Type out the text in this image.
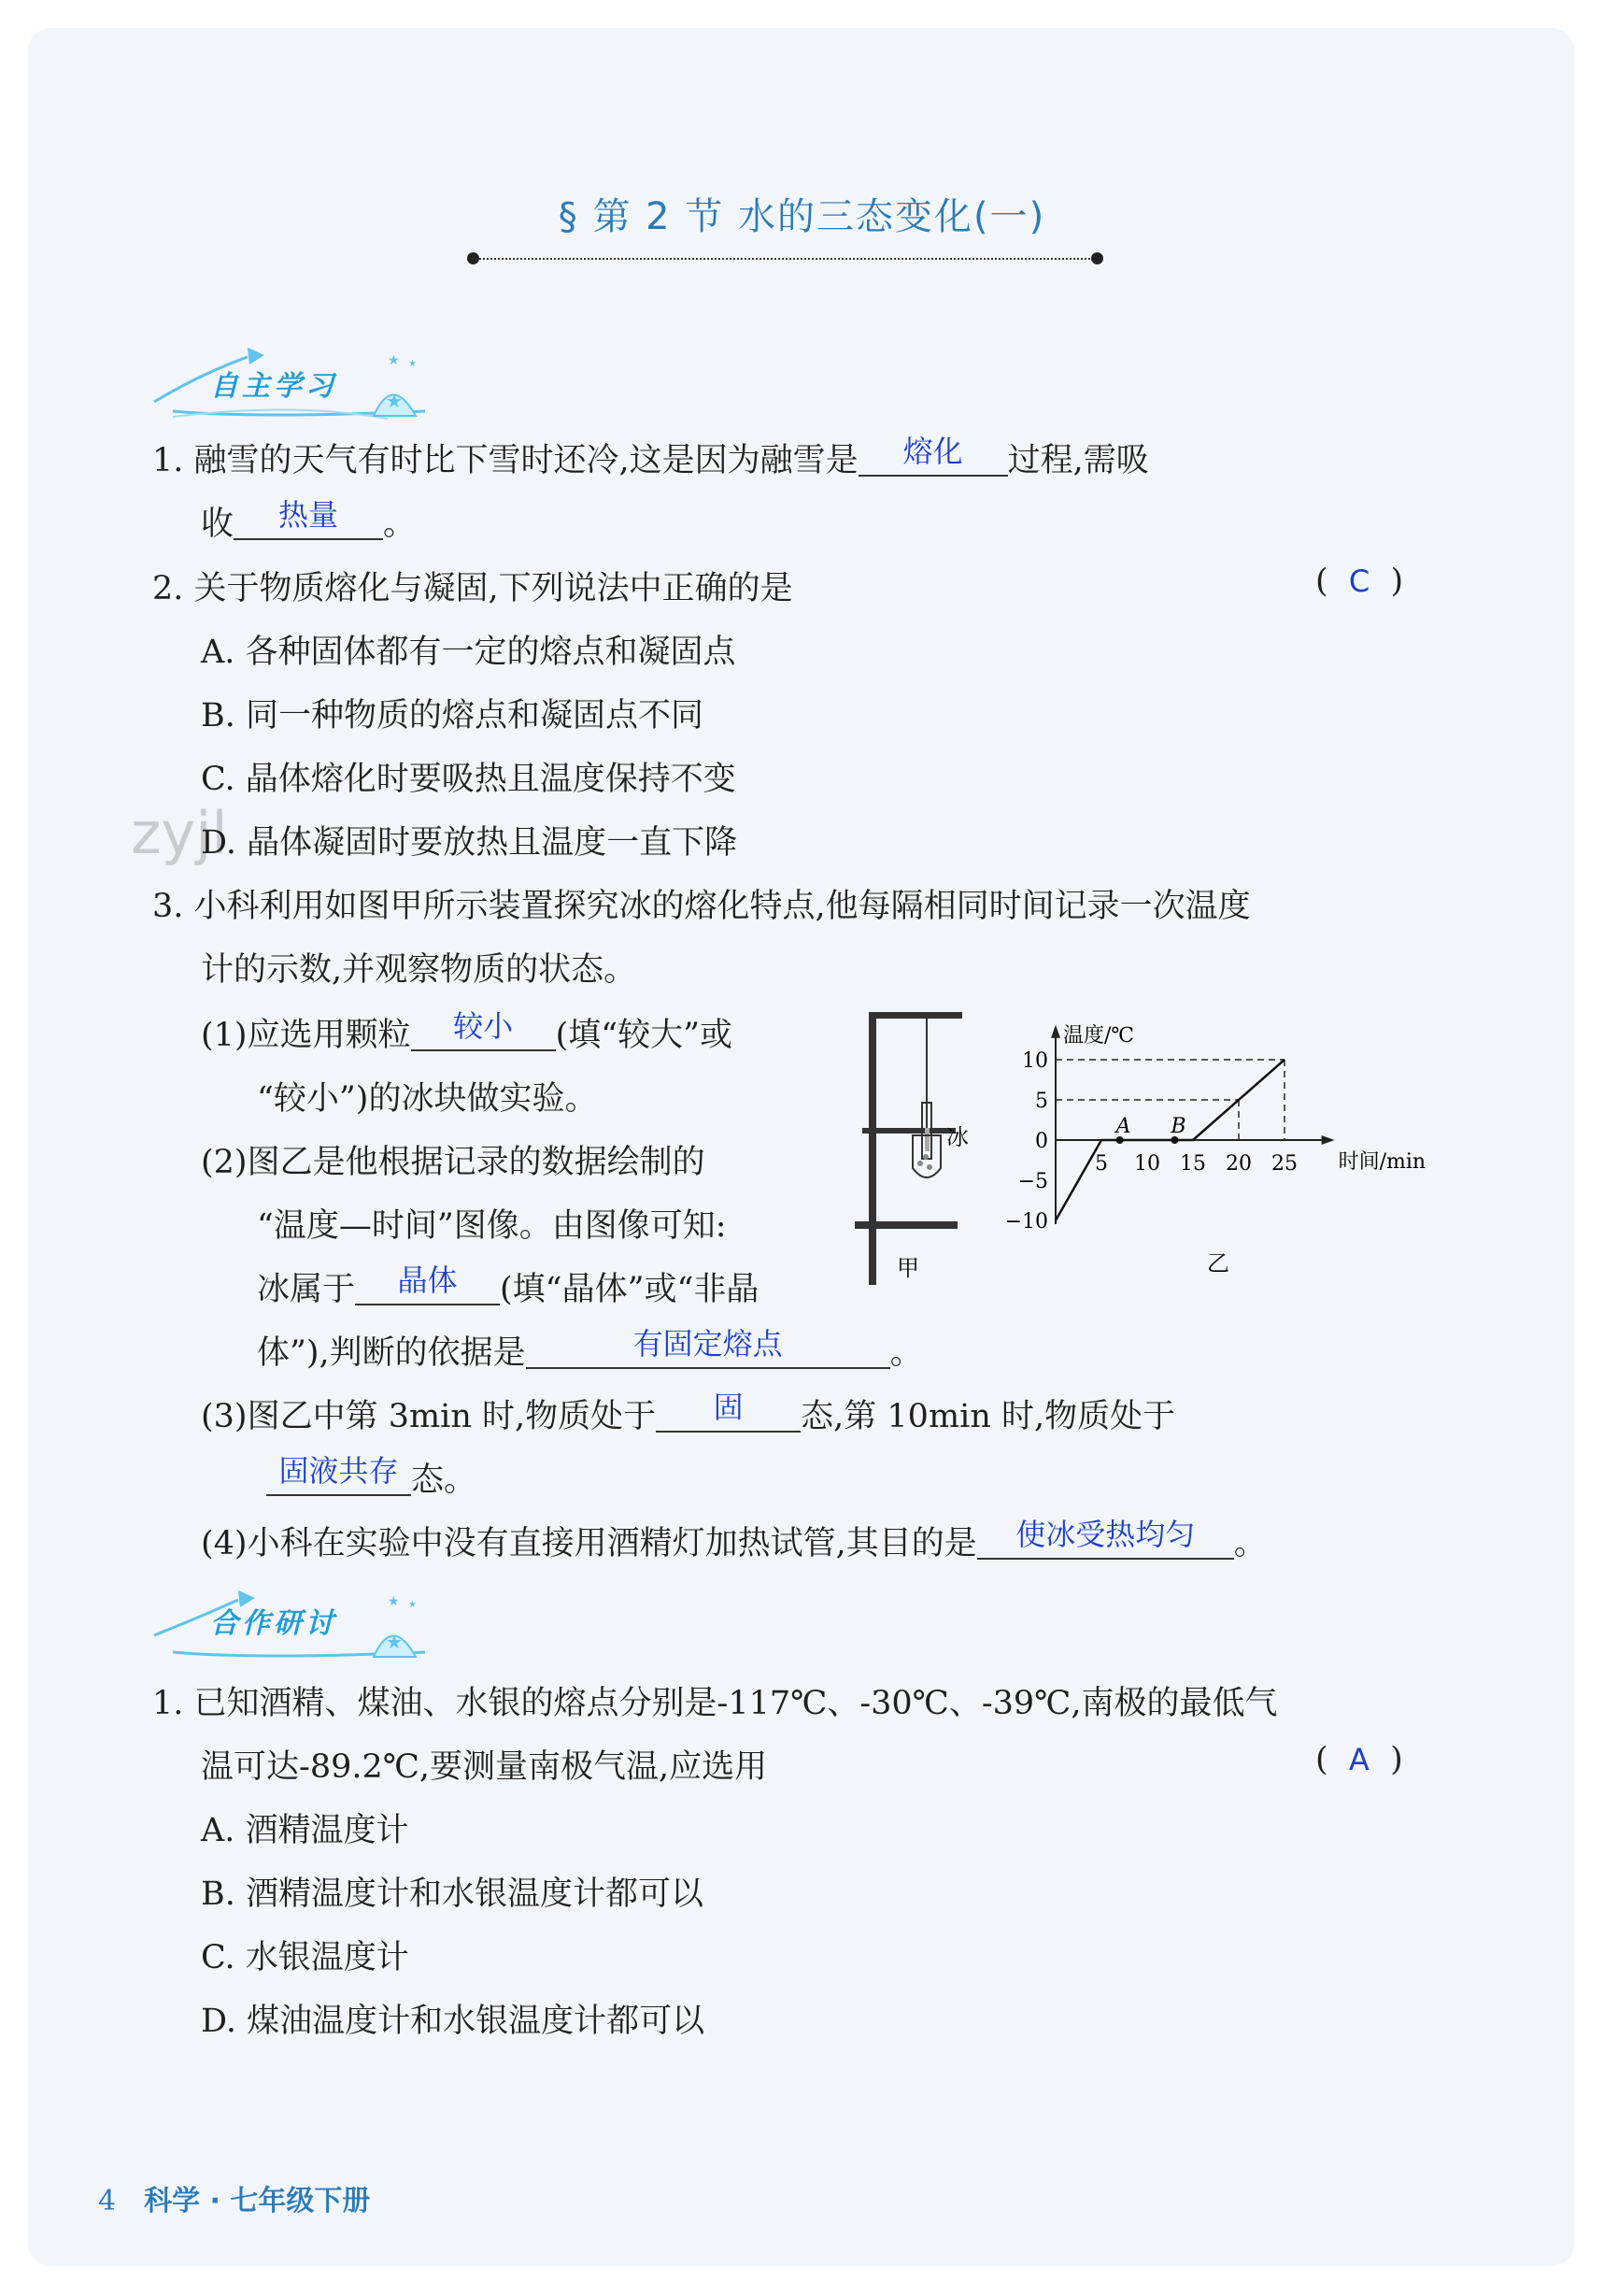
§ 第 2 节 水的三态变化(一)
★
★ ★
自主学习
zyjl
1. 融雪的天气有时比下雪时还冷,这是因为融雪是 熔化 过程,需吸
收 热量 。
2. 关于物质熔化与凝固,下列说法中正确的是	( C )
A. 各种固体都有一定的熔点和凝固点
B. 同一种物质的熔点和凝固点不同
C. 晶体熔化时要吸热且温度保持不变
D. 晶体凝固时要放热且温度一直下降
3. 小科利用如图甲所示装置探究冰的熔化特点,他每隔相同时间记录一次温度
计的示数,并观察物质的状态。
(1)应选用颗粒 较小 (填“较大”或
“较小”)的冰块做实验。
(2)图乙是他根据记录的数据绘制的
“温度—时间”图像。由图像可知:
冰属于 晶体 (填“晶体”或“非晶
体”),判断的依据是	有固定熔点	。
(3)图乙中第 3min 时,物质处于 固 态,第 10min 时,物质处于
固液共存 态。
(4)小科在实验中没有直接用酒精灯加热试管,其目的是 使冰受热均匀 。
冰
甲
温度/℃
时间/min
10
5
0
−5
−10
5 10 15 20 25
A B
乙
★
★ ★
合作研讨
1. 已知酒精、煤油、水银的熔点分别是-117℃、-30℃、-39℃,南极的最低气
温可达-89.2℃,要测量南极气温,应选用	( A )
A. 酒精温度计
B. 酒精温度计和水银温度计都可以
C. 水银温度计
D. 煤油温度计和水银温度计都可以
4 科学 · 七年级下册
